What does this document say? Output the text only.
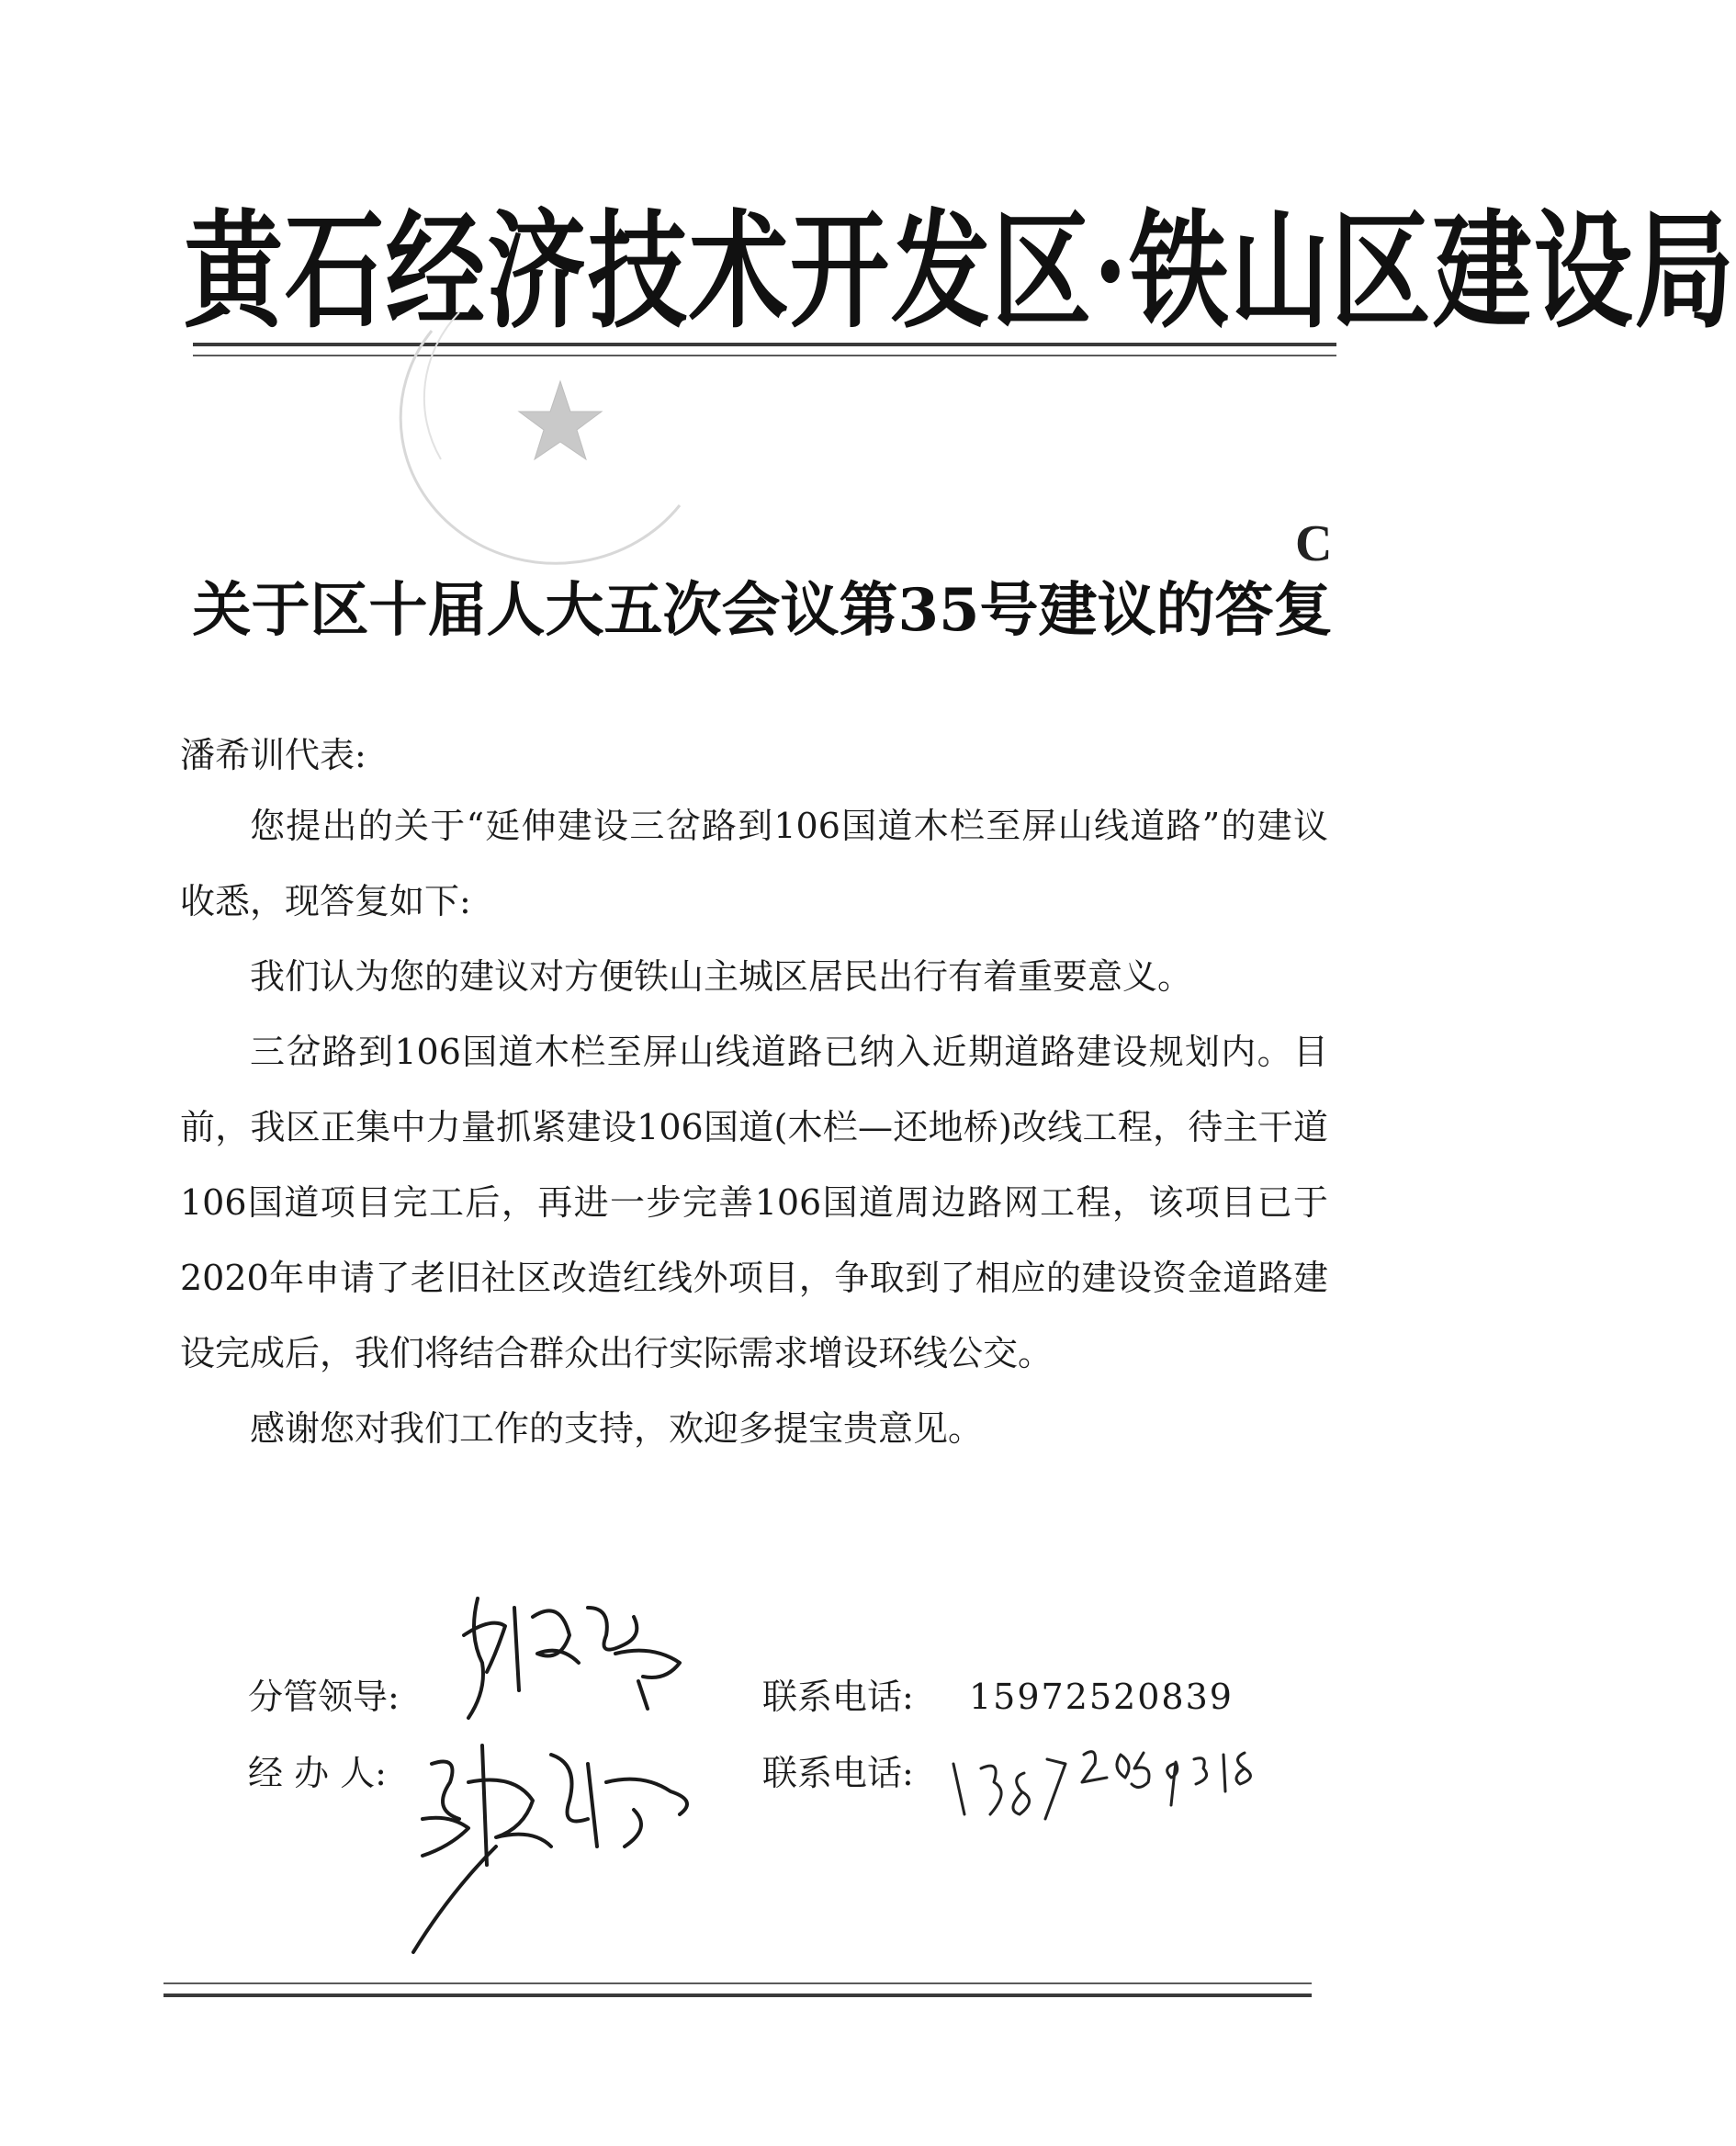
黄石经济技术开发区·铁山区建设局
C
关于区十届人大五次会议第35号建议的答复
潘希训代表:

您提出的关于“延伸建设三岔路到106国道木栏至屏山线道路”的建议收悉，现答复如下:

我们认为您的建议对方便铁山主城区居民出行有着重要意义。

三岔路到106国道木栏至屏山线道路已纳入近期道路建设规划内。目前，我区正集中力量抓紧建设106国道(木栏—还地桥)改线工程，待主干道106国道项目完工后，再进一步完善106国道周边路网工程，该项目已于2020年申请了老旧社区改造红线外项目，争取到了相应的建设资金道路建设完成后，我们将结合群众出行实际需求增设环线公交。

感谢您对我们工作的支持，欢迎多提宝贵意见。

分管领导:
经 办 人:
联系电话: 15972520839
联系电话:
